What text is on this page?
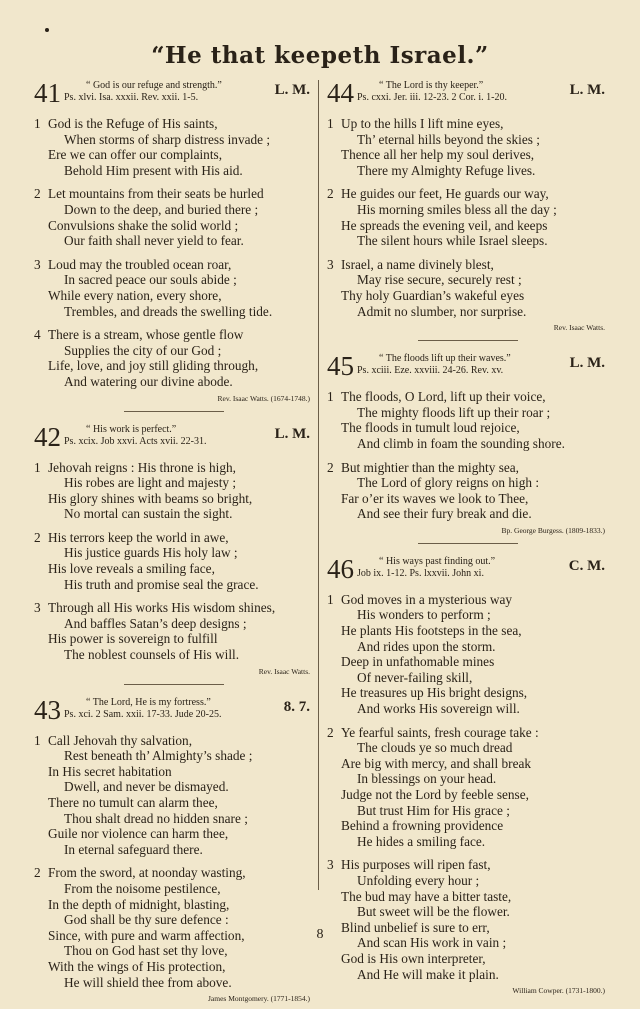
“He that keepeth Israel.”
41	“ God is our refuge and strength.”
Ps. xlvi. Isa. xxxii. Rev. xxii. 1-5.	L. M.
1 God is the Refuge of His saints,
When storms of sharp distress invade ;
Ere we can offer our complaints,
Behold Him present with His aid.
2 Let mountains from their seats be hurled
Down to the deep, and buried there ;
Convulsions shake the solid world ;
Our faith shall never yield to fear.
3 Loud may the troubled ocean roar,
In sacred peace our souls abide ;
While every nation, every shore,
Trembles, and dreads the swelling tide.
4 There is a stream, whose gentle flow
Supplies the city of our God ;
Life, love, and joy still gliding through,
And watering our divine abode.
Rev. Isaac Watts. (1674-1748.)
42	“ His work is perfect.”
Ps. xcix. Job xxvi. Acts xvii. 22-31.	L. M.
1 Jehovah reigns : His throne is high,
His robes are light and majesty ;
His glory shines with beams so bright,
No mortal can sustain the sight.
2 His terrors keep the world in awe,
His justice guards His holy law ;
His love reveals a smiling face,
His truth and promise seal the grace.
3 Through all His works His wisdom shines,
And baffles Satan’s deep designs ;
His power is sovereign to fulfill
The noblest counsels of His will.
Rev. Isaac Watts.
43	“ The Lord, He is my fortress.”
Ps. xci. 2 Sam. xxii. 17-33. Jude 20-25.	8. 7.
1 Call Jehovah thy salvation,
Rest beneath th’ Almighty’s shade ;
In His secret habitation
Dwell, and never be dismayed.
There no tumult can alarm thee,
Thou shalt dread no hidden snare ;
Guile nor violence can harm thee,
In eternal safeguard there.
2 From the sword, at noonday wasting,
From the noisome pestilence,
In the depth of midnight, blasting,
God shall be thy sure defence :
Since, with pure and warm affection,
Thou on God hast set thy love,
With the wings of His protection,
He will shield thee from above.
James Montgomery. (1771-1854.)
44	“ The Lord is thy keeper.”
Ps. cxxi. Jer. iii. 12-23. 2 Cor. i. 1-20.	L. M.
1 Up to the hills I lift mine eyes,
Th’ eternal hills beyond the skies ;
Thence all her help my soul derives,
There my Almighty Refuge lives.
2 He guides our feet, He guards our way,
His morning smiles bless all the day ;
He spreads the evening veil, and keeps
The silent hours while Israel sleeps.
3 Israel, a name divinely blest,
May rise secure, securely rest ;
Thy holy Guardian’s wakeful eyes
Admit no slumber, nor surprise.
Rev. Isaac Watts.
45	“ The floods lift up their waves.”
Ps. xciii. Eze. xxviii. 24-26. Rev. xv.	L. M.
1 The floods, O Lord, lift up their voice,
The mighty floods lift up their roar ;
The floods in tumult loud rejoice,
And climb in foam the sounding shore.
2 But mightier than the mighty sea,
The Lord of glory reigns on high :
Far o’er its waves we look to Thee,
And see their fury break and die.
Bp. George Burgess. (1809-1833.)
46	“ His ways past finding out.”
Job ix. 1-12. Ps. lxxvii. John xi.	C. M.
1 God moves in a mysterious way
His wonders to perform ;
He plants His footsteps in the sea,
And rides upon the storm.
Deep in unfathomable mines
Of never-failing skill,
He treasures up His bright designs,
And works His sovereign will.
2 Ye fearful saints, fresh courage take :
The clouds ye so much dread
Are big with mercy, and shall break
In blessings on your head.
Judge not the Lord by feeble sense,
But trust Him for His grace ;
Behind a frowning providence
He hides a smiling face.
3 His purposes will ripen fast,
Unfolding every hour ;
The bud may have a bitter taste,
But sweet will be the flower.
Blind unbelief is sure to err,
And scan His work in vain ;
God is His own interpreter,
And He will make it plain.
William Cowper. (1731-1800.)
8
